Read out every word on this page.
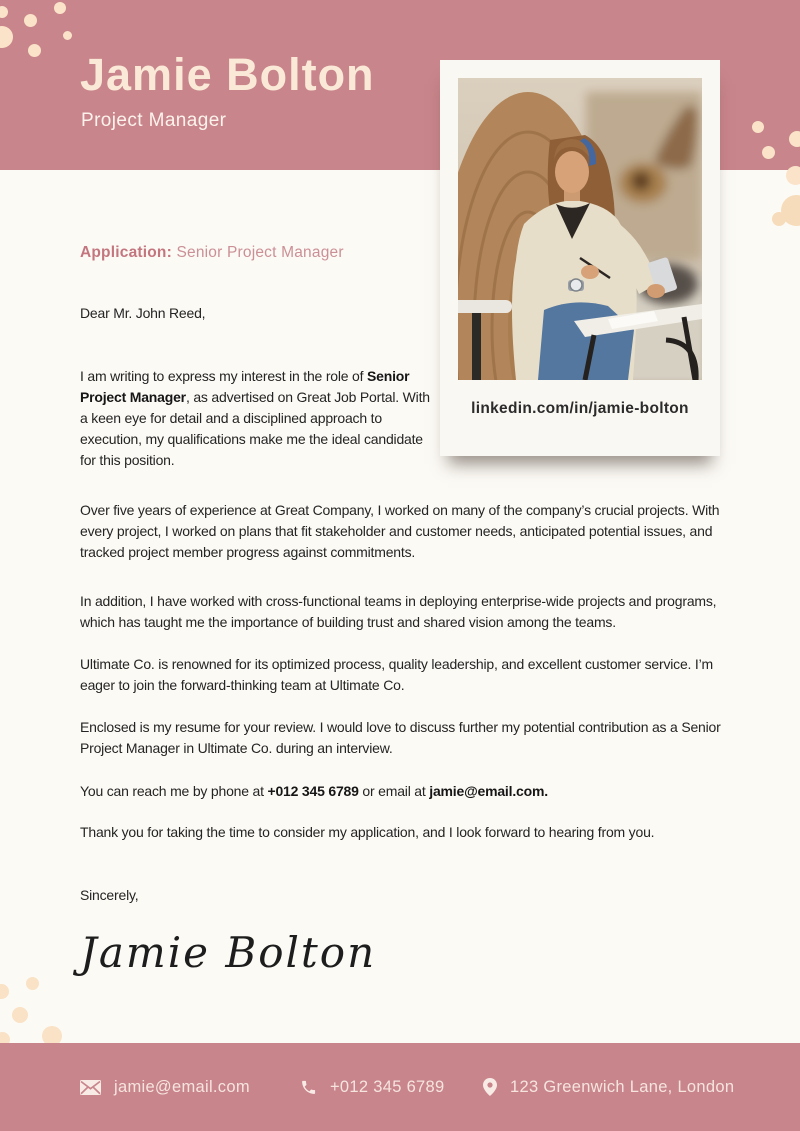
Jamie Bolton
Project Manager
linkedin.com/in/jamie-bolton
Application: Senior Project Manager

Dear Mr. John Reed,

I am writing to express my interest in the role of Senior Project Manager, as advertised on Great Job Portal. With a keen eye for detail and a disciplined approach to execution, my qualifications make me the ideal candidate for this position.

Over five years of experience at Great Company, I worked on many of the company’s crucial projects. With every project, I worked on plans that fit stakeholder and customer needs, anticipated potential issues, and tracked project member progress against commitments.

In addition, I have worked with cross-functional teams in deploying enterprise-wide projects and programs, which has taught me the importance of building trust and shared vision among the teams.

Ultimate Co. is renowned for its optimized process, quality leadership, and excellent customer service. I’m eager to join the forward-thinking team at Ultimate Co.

Enclosed is my resume for your review. I would love to discuss further my potential contribution as a Senior Project Manager in Ultimate Co. during an interview.

You can reach me by phone at +012 345 6789 or email at jamie@email.com.

Thank you for taking the time to consider my application, and I look forward to hearing from you.

Sincerely,

Jamie Bolton
jamie@email.com	+012 345 6789	123 Greenwich Lane, London
